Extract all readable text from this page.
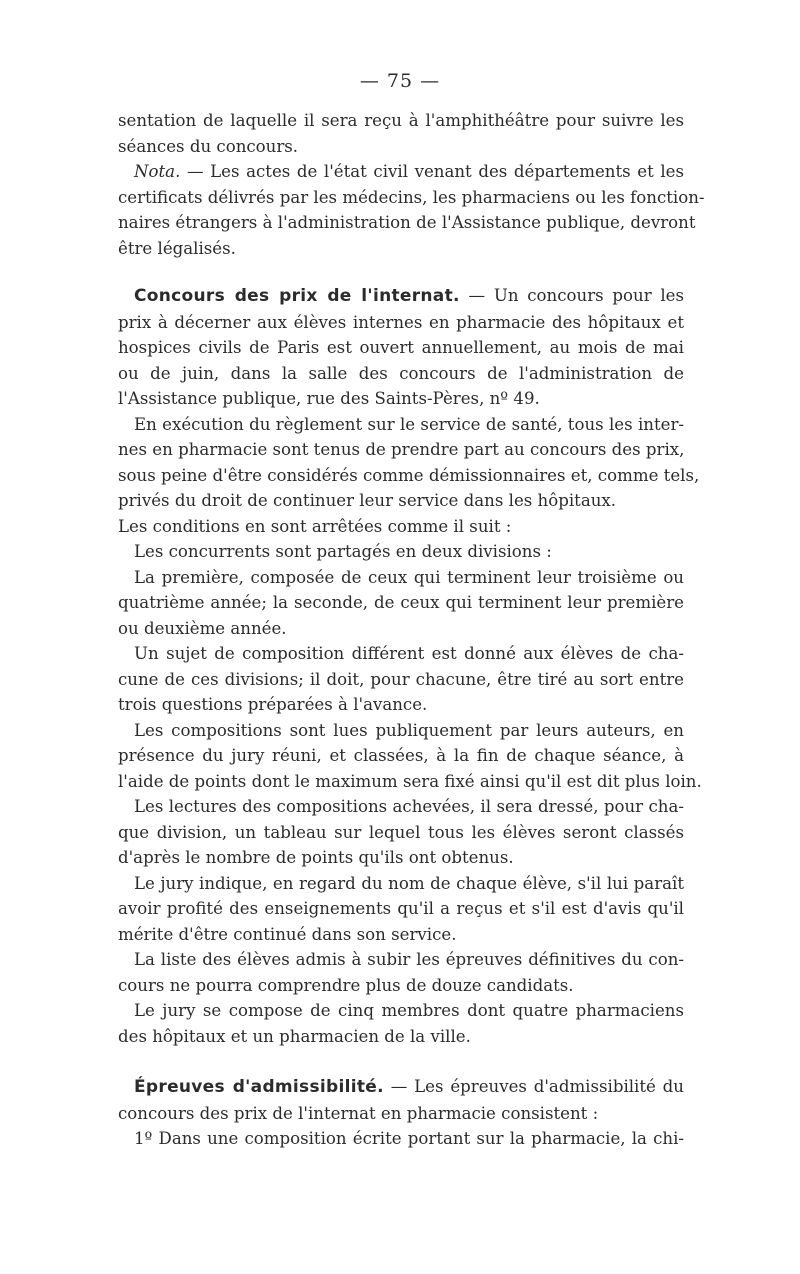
— 75 —
sentation de laquelle il sera reçu à l'amphithéâtre pour suivre les
séances du concours.
Nota. — Les actes de l'état civil venant des départements et les
certificats délivrés par les médecins, les pharmaciens ou les fonction-
naires étrangers à l'administration de l'Assistance publique, devront
être légalisés.
Concours des prix de l'internat. — Un concours pour les
prix à décerner aux élèves internes en pharmacie des hôpitaux et
hospices civils de Paris est ouvert annuellement, au mois de mai
ou de juin, dans la salle des concours de l'administration de
l'Assistance publique, rue des Saints-Pères, nº 49.
En exécution du règlement sur le service de santé, tous les inter-
nes en pharmacie sont tenus de prendre part au concours des prix,
sous peine d'être considérés comme démissionnaires et, comme tels,
privés du droit de continuer leur service dans les hôpitaux.
Les conditions en sont arrêtées comme il suit :
Les concurrents sont partagés en deux divisions :
La première, composée de ceux qui terminent leur troisième ou
quatrième année; la seconde, de ceux qui terminent leur première
ou deuxième année.
Un sujet de composition différent est donné aux élèves de cha-
cune de ces divisions; il doit, pour chacune, être tiré au sort entre
trois questions préparées à l'avance.
Les compositions sont lues publiquement par leurs auteurs, en
présence du jury réuni, et classées, à la fin de chaque séance, à
l'aide de points dont le maximum sera fixé ainsi qu'il est dit plus loin.
Les lectures des compositions achevées, il sera dressé, pour cha-
que division, un tableau sur lequel tous les élèves seront classés
d'après le nombre de points qu'ils ont obtenus.
Le jury indique, en regard du nom de chaque élève, s'il lui paraît
avoir profité des enseignements qu'il a reçus et s'il est d'avis qu'il
mérite d'être continué dans son service.
La liste des élèves admis à subir les épreuves définitives du con-
cours ne pourra comprendre plus de douze candidats.
Le jury se compose de cinq membres dont quatre pharmaciens
des hôpitaux et un pharmacien de la ville.
Épreuves d'admissibilité. — Les épreuves d'admissibilité du
concours des prix de l'internat en pharmacie consistent :
1º Dans une composition écrite portant sur la pharmacie, la chi-
